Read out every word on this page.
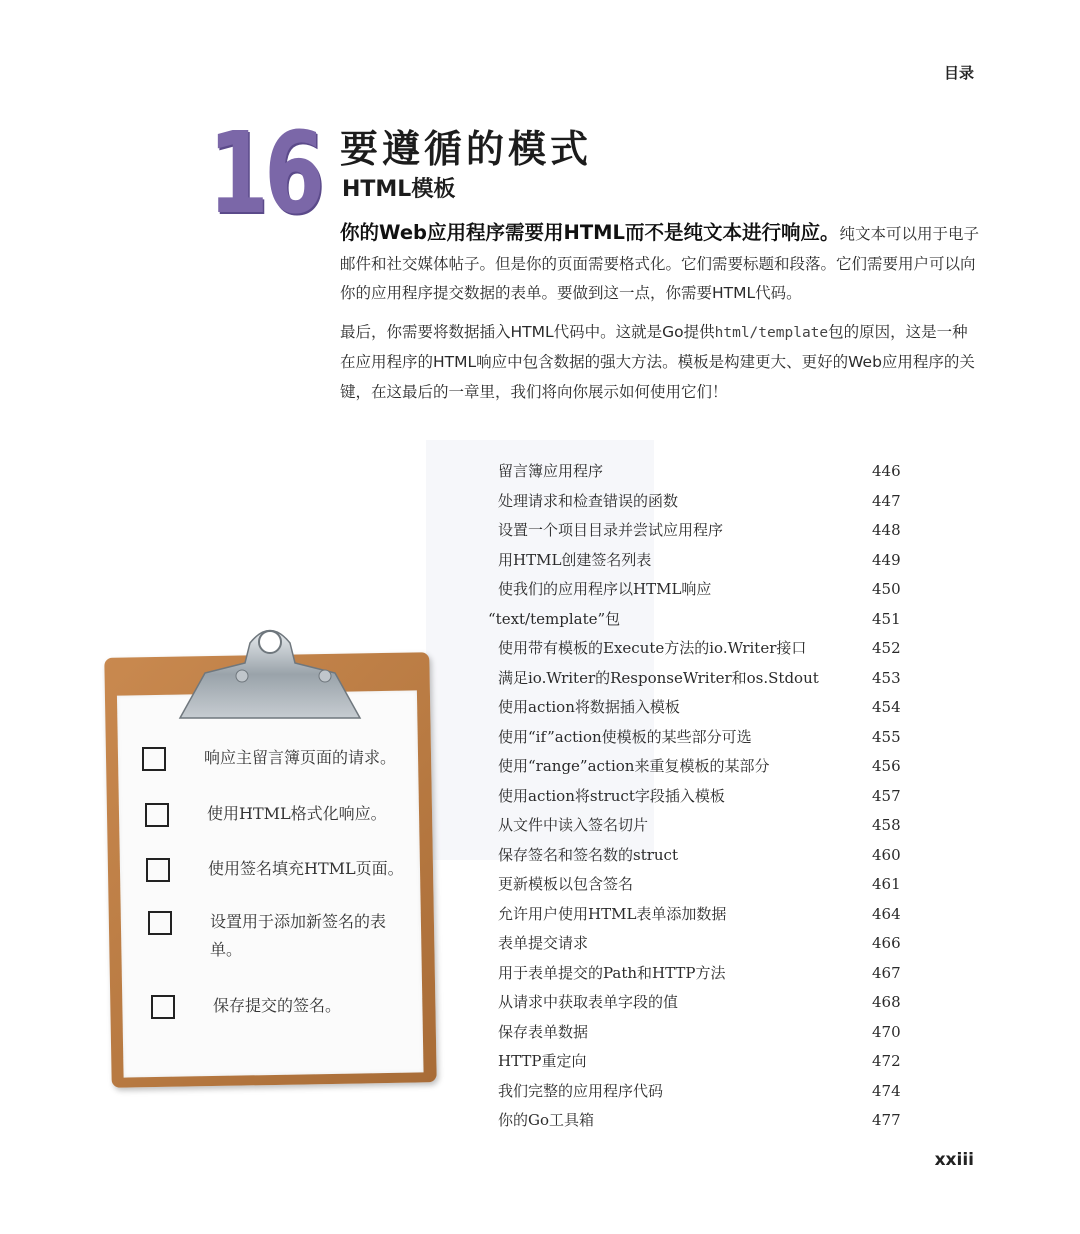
目录
16 要遵循的模式
HTML模板

你的Web应用程序需要用HTML而不是纯文本进行响应。纯文本可以用于电子邮件和社交媒体帖子。但是你的页面需要格式化。它们需要标题和段落。它们需要用户可以向你的应用程序提交数据的表单。要做到这一点，你需要HTML代码。

最后，你需要将数据插入HTML代码中。这就是Go提供html/template包的原因，这是一种在应用程序的HTML响应中包含数据的强大方法。模板是构建更大、更好的Web应用程序的关键，在这最后的一章里，我们将向你展示如何使用它们！

响应主留言簿页面的请求。
使用HTML格式化响应。
使用签名填充HTML页面。
设置用于添加新签名的表单。
保存提交的签名。
留言簿应用程序	446
处理请求和检查错误的函数	447
设置一个项目目录并尝试应用程序	448
用HTML创建签名列表	449
使我们的应用程序以HTML响应	450
“text/template”包	451
使用带有模板的Execute方法的io.Writer接口	452
满足io.Writer的ResponseWriter和os.Stdout	453
使用action将数据插入模板	454
使用“if”action使模板的某些部分可选	455
使用“range”action来重复模板的某部分	456
使用action将struct字段插入模板	457
从文件中读入签名切片	458
保存签名和签名数的struct	460
更新模板以包含签名	461
允许用户使用HTML表单添加数据	464
表单提交请求	466
用于表单提交的Path和HTTP方法	467
从请求中获取表单字段的值	468
保存表单数据	470
HTTP重定向	472
我们完整的应用程序代码	474
你的Go工具箱	477
xxiii
